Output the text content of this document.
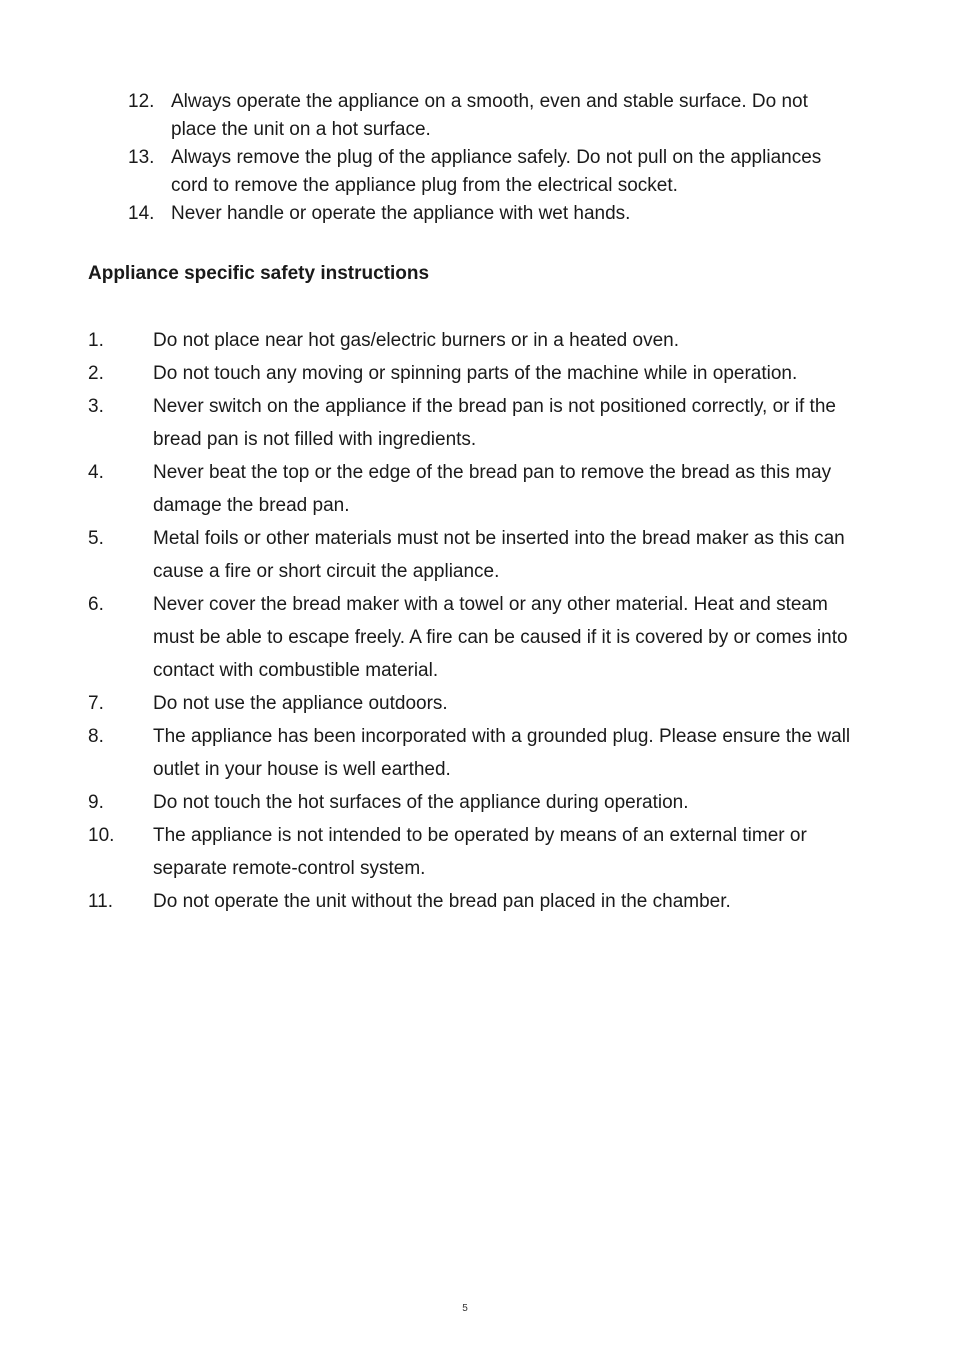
12. Always operate the appliance on a smooth, even and stable surface. Do not place the unit on a hot surface.
13. Always remove the plug of the appliance safely. Do not pull on the appliances cord to remove the appliance plug from the electrical socket.
14. Never handle or operate the appliance with wet hands.
Appliance specific safety instructions
1.	Do not place near hot gas/electric burners or in a heated oven.
2.	Do not touch any moving or spinning parts of the machine while in operation.
3.	Never switch on the appliance if the bread pan is not positioned correctly, or if the bread pan is not filled with ingredients.
4.	Never beat the top or the edge of the bread pan to remove the bread as this may damage the bread pan.
5.	Metal foils or other materials must not be inserted into the bread maker as this can cause a fire or short circuit the appliance.
6.	Never cover the bread maker with a towel or any other material. Heat and steam must be able to escape freely. A fire can be caused if it is covered by or comes into contact with combustible material.
7.	Do not use the appliance outdoors.
8.	The appliance has been incorporated with a grounded plug. Please ensure the wall outlet in your house is well earthed.
9.	Do not touch the hot surfaces of the appliance during operation.
10.	The appliance is not intended to be operated by means of an external timer or separate remote-control system.
11.	Do not operate the unit without the bread pan placed in the chamber.
5
